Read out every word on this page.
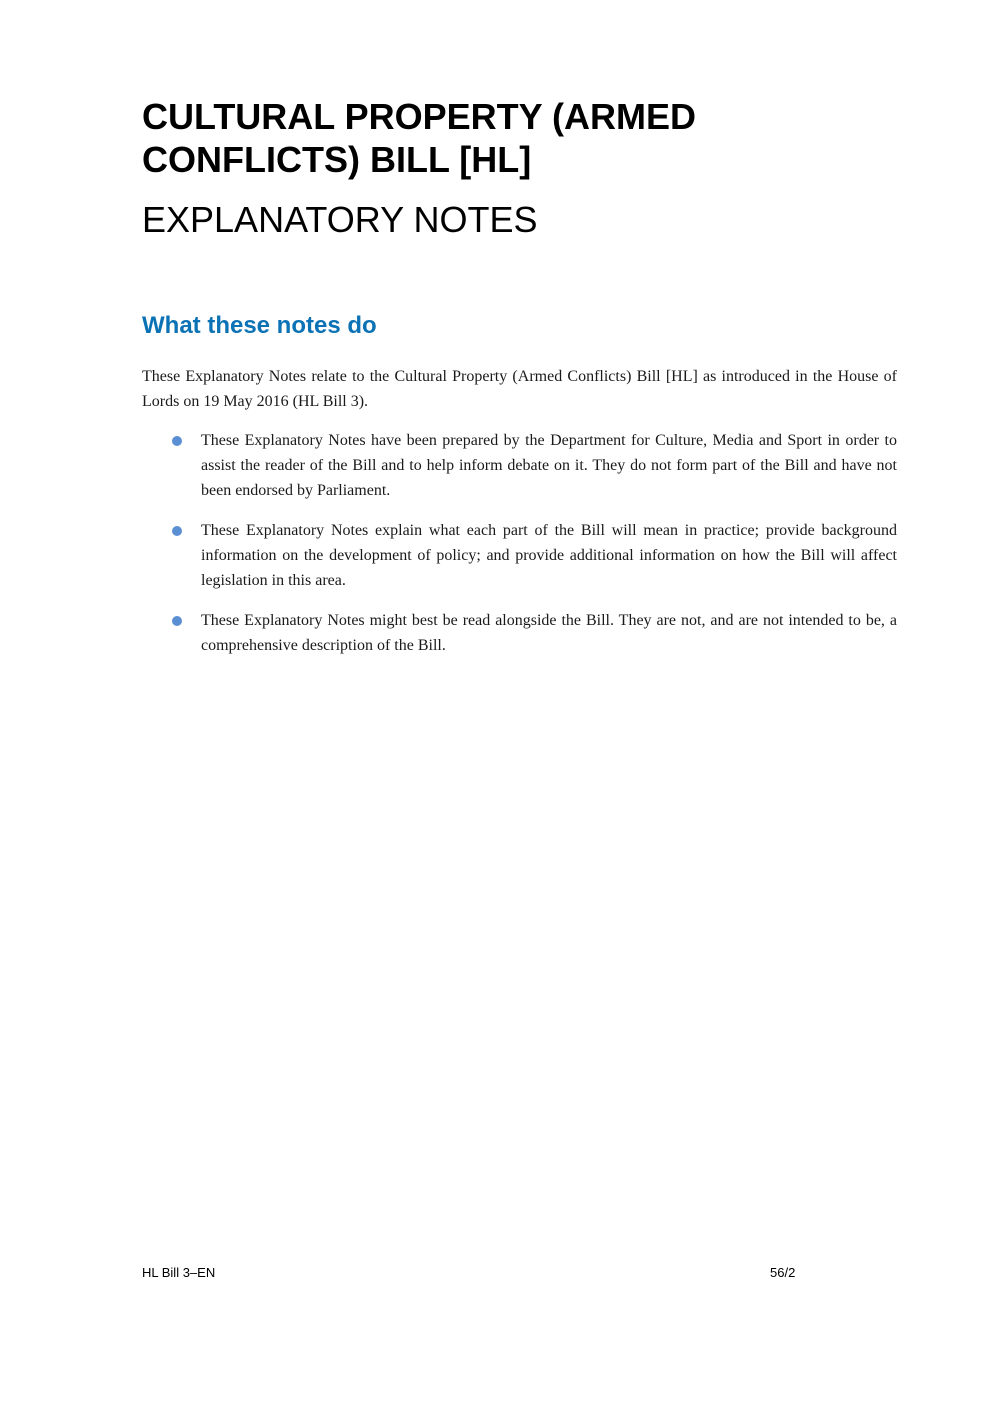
CULTURAL PROPERTY (ARMED CONFLICTS) BILL [HL]
EXPLANATORY NOTES
What these notes do

These Explanatory Notes relate to the Cultural Property (Armed Conflicts) Bill [HL] as introduced in the House of Lords on 19 May 2016 (HL Bill 3).

These Explanatory Notes have been prepared by the Department for Culture, Media and Sport in order to assist the reader of the Bill and to help inform debate on it. They do not form part of the Bill and have not been endorsed by Parliament.
These Explanatory Notes explain what each part of the Bill will mean in practice; provide background information on the development of policy; and provide additional information on how the Bill will affect legislation in this area.
These Explanatory Notes might best be read alongside the Bill. They are not, and are not intended to be, a comprehensive description of the Bill.
HL Bill 3–EN	56/2
